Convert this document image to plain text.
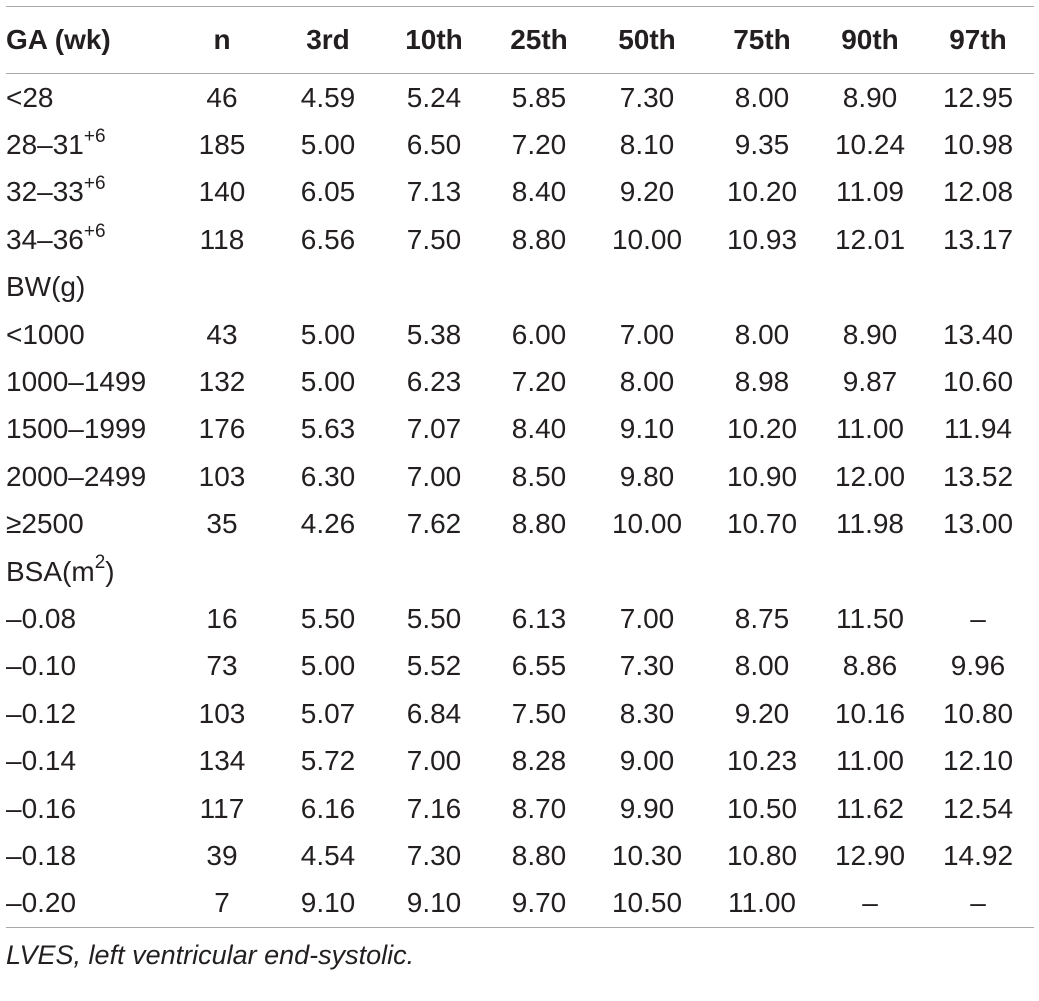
GA (wk)	n	3rd	10th	25th	50th	75th	90th	97th
<28	46	4.59	5.24	5.85	7.30	8.00	8.90	12.95
$28-31^{+6}$	185	5.00	6.50	7.20	8.10	9.35	10.24	10.98
$32-33^{+6}$	140	6.05	7.13	8.40	9.20	10.20	11.09	12.08
$34-36^{+6}$	118	6.56	7.50	8.80	10.00	10.93	12.01	13.17
BW(g)								
<1000	43	5.00	5.38	6.00	7.00	8.00	8.90	13.40
1000–1499	132	5.00	6.23	7.20	8.00	8.98	9.87	10.60
1500–1999	176	5.63	7.07	8.40	9.10	10.20	11.00	11.94
2000–2499	103	6.30	7.00	8.50	9.80	10.90	12.00	13.52
≥2500	35	4.26	7.62	8.80	10.00	10.70	11.98	13.00
$BSA(m^2)$								
–0.08	16	5.50	5.50	6.13	7.00	8.75	11.50	–
–0.10	73	5.00	5.52	6.55	7.30	8.00	8.86	9.96
–0.12	103	5.07	6.84	7.50	8.30	9.20	10.16	10.80
–0.14	134	5.72	7.00	8.28	9.00	10.23	11.00	12.10
–0.16	117	6.16	7.16	8.70	9.90	10.50	11.62	12.54
–0.18	39	4.54	7.30	8.80	10.30	10.80	12.90	14.92
–0.20	7	9.10	9.10	9.70	10.50	11.00	–	–
LVES, left ventricular end-systolic.
